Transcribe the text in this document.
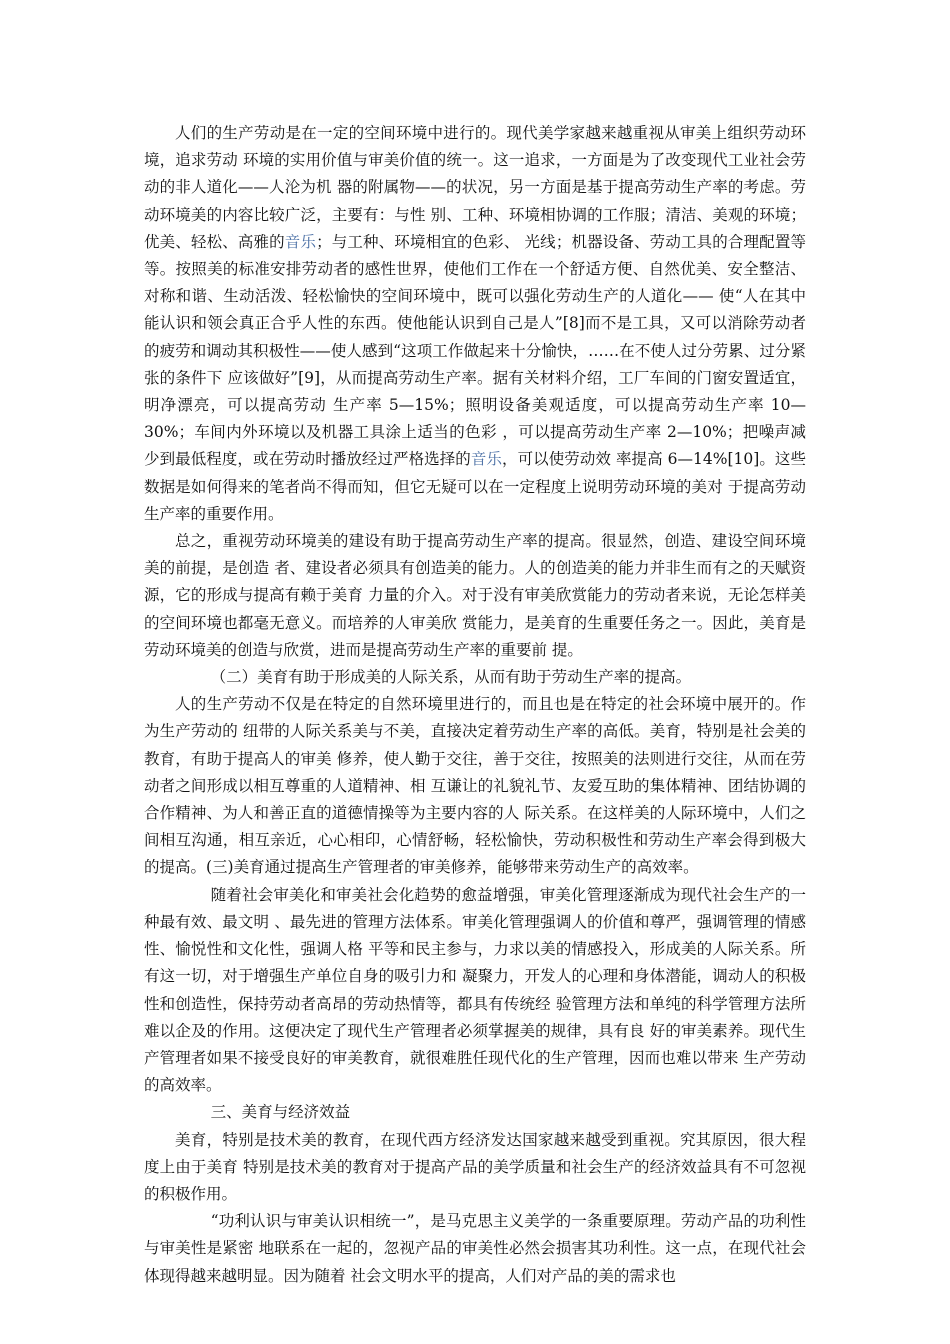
人们的生产劳动是在一定的空间环境中进行的。现代美学家越来越重视从审美上组织劳动环境，追求劳动 环境的实用价值与审美价值的统一。这一追求，一方面是为了改变现代工业社会劳动的非人道化——人沦为机 器的附属物——的状况，另一方面是基于提高劳动生产率的考虑。劳动环境美的内容比较广泛，主要有：与性 别、工种、环境相协调的工作服；清洁、美观的环境；优美、轻松、高雅的音乐；与工种、环境相宜的色彩、 光线；机器设备、劳动工具的合理配置等等。按照美的标准安排劳动者的感性世界，使他们工作在一个舒适方便、自然优美、安全整洁、对称和谐、生动活泼、轻松愉快的空间环境中，既可以强化劳动生产的人道化—— 使“人在其中能认识和领会真正合乎人性的东西。使他能认识到自己是人”[8]而不是工具，又可以消除劳动者 的疲劳和调动其积极性——使人感到“这项工作做起来十分愉快，……在不使人过分劳累、过分紧张的条件下 应该做好”[9]，从而提高劳动生产率。据有关材料介绍，工厂车间的门窗安置适宜，明净漂亮，可以提高劳动 生产率 5—15%；照明设备美观适度，可以提高劳动生产率 10—30%；车间内外环境以及机器工具涂上适当的色彩 ，可以提高劳动生产率 2—10%；把噪声减少到最低程度，或在劳动时播放经过严格选择的音乐，可以使劳动效 率提高 6—14%[10]。这些数据是如何得来的笔者尚不得而知，但它无疑可以在一定程度上说明劳动环境的美对 于提高劳动生产率的重要作用。

总之，重视劳动环境美的建设有助于提高劳动生产率的提高。很显然，创造、建设空间环境美的前提，是创造 者、建设者必须具有创造美的能力。人的创造美的能力并非生而有之的天赋资源，它的形成与提高有赖于美育 力量的介入。对于没有审美欣赏能力的劳动者来说，无论怎样美的空间环境也都毫无意义。而培养的人审美欣 赏能力，是美育的生重要任务之一。因此，美育是劳动环境美的创造与欣赏，进而是提高劳动生产率的重要前 提。

（二）美育有助于形成美的人际关系，从而有助于劳动生产率的提高。

人的生产劳动不仅是在特定的自然环境里进行的，而且也是在特定的社会环境中展开的。作为生产劳动的 纽带的人际关系美与不美，直接决定着劳动生产率的高低。美育，特别是社会美的教育，有助于提高人的审美 修养，使人勤于交往，善于交往，按照美的法则进行交往，从而在劳动者之间形成以相互尊重的人道精神、相 互谦让的礼貌礼节、友爱互助的集体精神、团结协调的合作精神、为人和善正直的道德情操等为主要内容的人 际关系。在这样美的人际环境中，人们之间相互沟通，相互亲近，心心相印，心情舒畅，轻松愉快，劳动积极性和劳动生产率会得到极大的提高。(三)美育通过提高生产管理者的审美修养，能够带来劳动生产的高效率。

随着社会审美化和审美社会化趋势的愈益增强，审美化管理逐渐成为现代社会生产的一种最有效、最文明 、最先进的管理方法体系。审美化管理强调人的价值和尊严，强调管理的情感性、愉悦性和文化性，强调人格 平等和民主参与，力求以美的情感投入，形成美的人际关系。所有这一切，对于增强生产单位自身的吸引力和 凝聚力，开发人的心理和身体潜能，调动人的积极性和创造性，保持劳动者高昂的劳动热情等，都具有传统经 验管理方法和单纯的科学管理方法所难以企及的作用。这便决定了现代生产管理者必须掌握美的规律，具有良 好的审美素养。现代生产管理者如果不接受良好的审美教育，就很难胜任现代化的生产管理，因而也难以带来 生产劳动的高效率。

三、美育与经济效益

美育，特别是技术美的教育，在现代西方经济发达国家越来越受到重视。究其原因，很大程度上由于美育 特别是技术美的教育对于提高产品的美学质量和社会生产的经济效益具有不可忽视的积极作用。

“功利认识与审美认识相统一”，是马克思主义美学的一条重要原理。劳动产品的功利性与审美性是紧密 地联系在一起的，忽视产品的审美性必然会损害其功利性。这一点，在现代社会体现得越来越明显。因为随着 社会文明水平的提高，人们对产品的美的需求也
